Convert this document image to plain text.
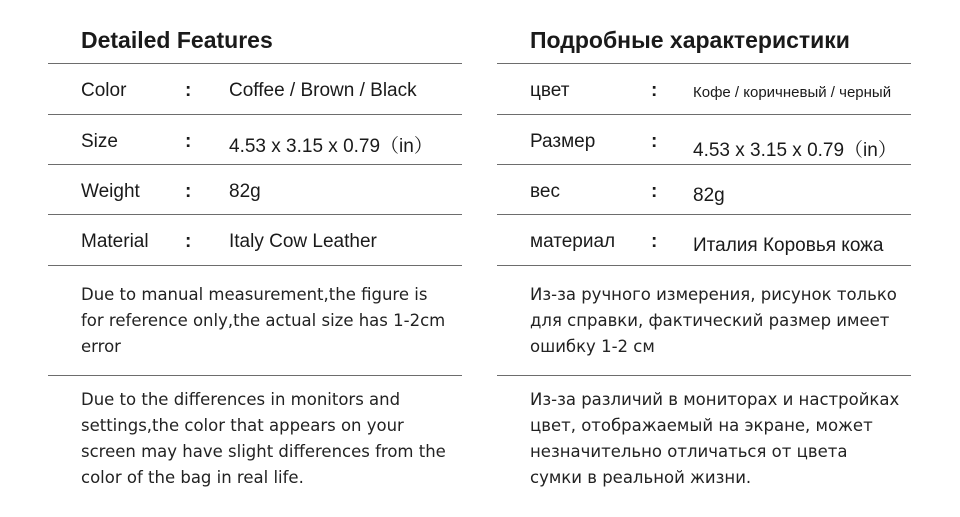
Detailed Features
Color	: Coffee / Brown / Black
Size	: 4.53 x 3.15 x 0.79（in）
Weight : 82g
Material : Italy Cow Leather
Due to manual measurement,the figure is for reference only,the actual size has 1-2cm error
Due to the differences in monitors and settings,the color that appears on your screen may have slight differences from the color of the bag in real life.
Подробные характеристики
цвет	: Кофе / коричневый / черный
Размер	: 4.53 x 3.15 x 0.79（in）
вес	: 82g
материал : Италия Коровья кожа
Из-за ручного измерения, рисунок только для справки, фактический размер имеет ошибку 1-2 см
Из-за различий в мониторах и настройках цвет, отображаемый на экране, может незначительно отличаться от цвета сумки в реальной жизни.
